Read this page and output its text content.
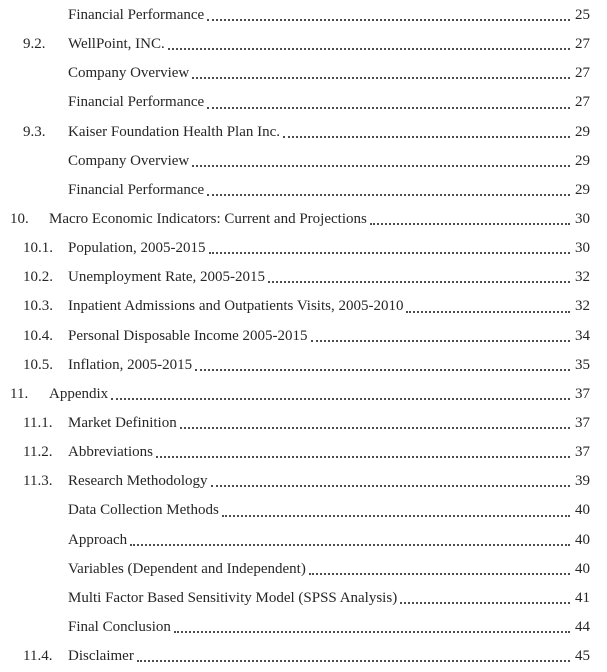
Financial Performance	25
9.2.	WellPoint, INC.	27
Company Overview	27
Financial Performance	27
9.3.	Kaiser Foundation Health Plan Inc.	29
Company Overview	29
Financial Performance	29
10.	Macro Economic Indicators: Current and Projections	30
10.1.	Population, 2005-2015	30
10.2.	Unemployment Rate, 2005-2015	32
10.3.	Inpatient Admissions and Outpatients Visits, 2005-2010	32
10.4.	Personal Disposable Income 2005-2015	34
10.5.	Inflation, 2005-2015	35
11.	Appendix	37
11.1.	Market Definition	37
11.2.	Abbreviations	37
11.3.	Research Methodology	39
Data Collection Methods	40
Approach	40
Variables (Dependent and Independent)	40
Multi Factor Based Sensitivity Model (SPSS Analysis)	41
Final Conclusion	44
11.4.	Disclaimer	45
